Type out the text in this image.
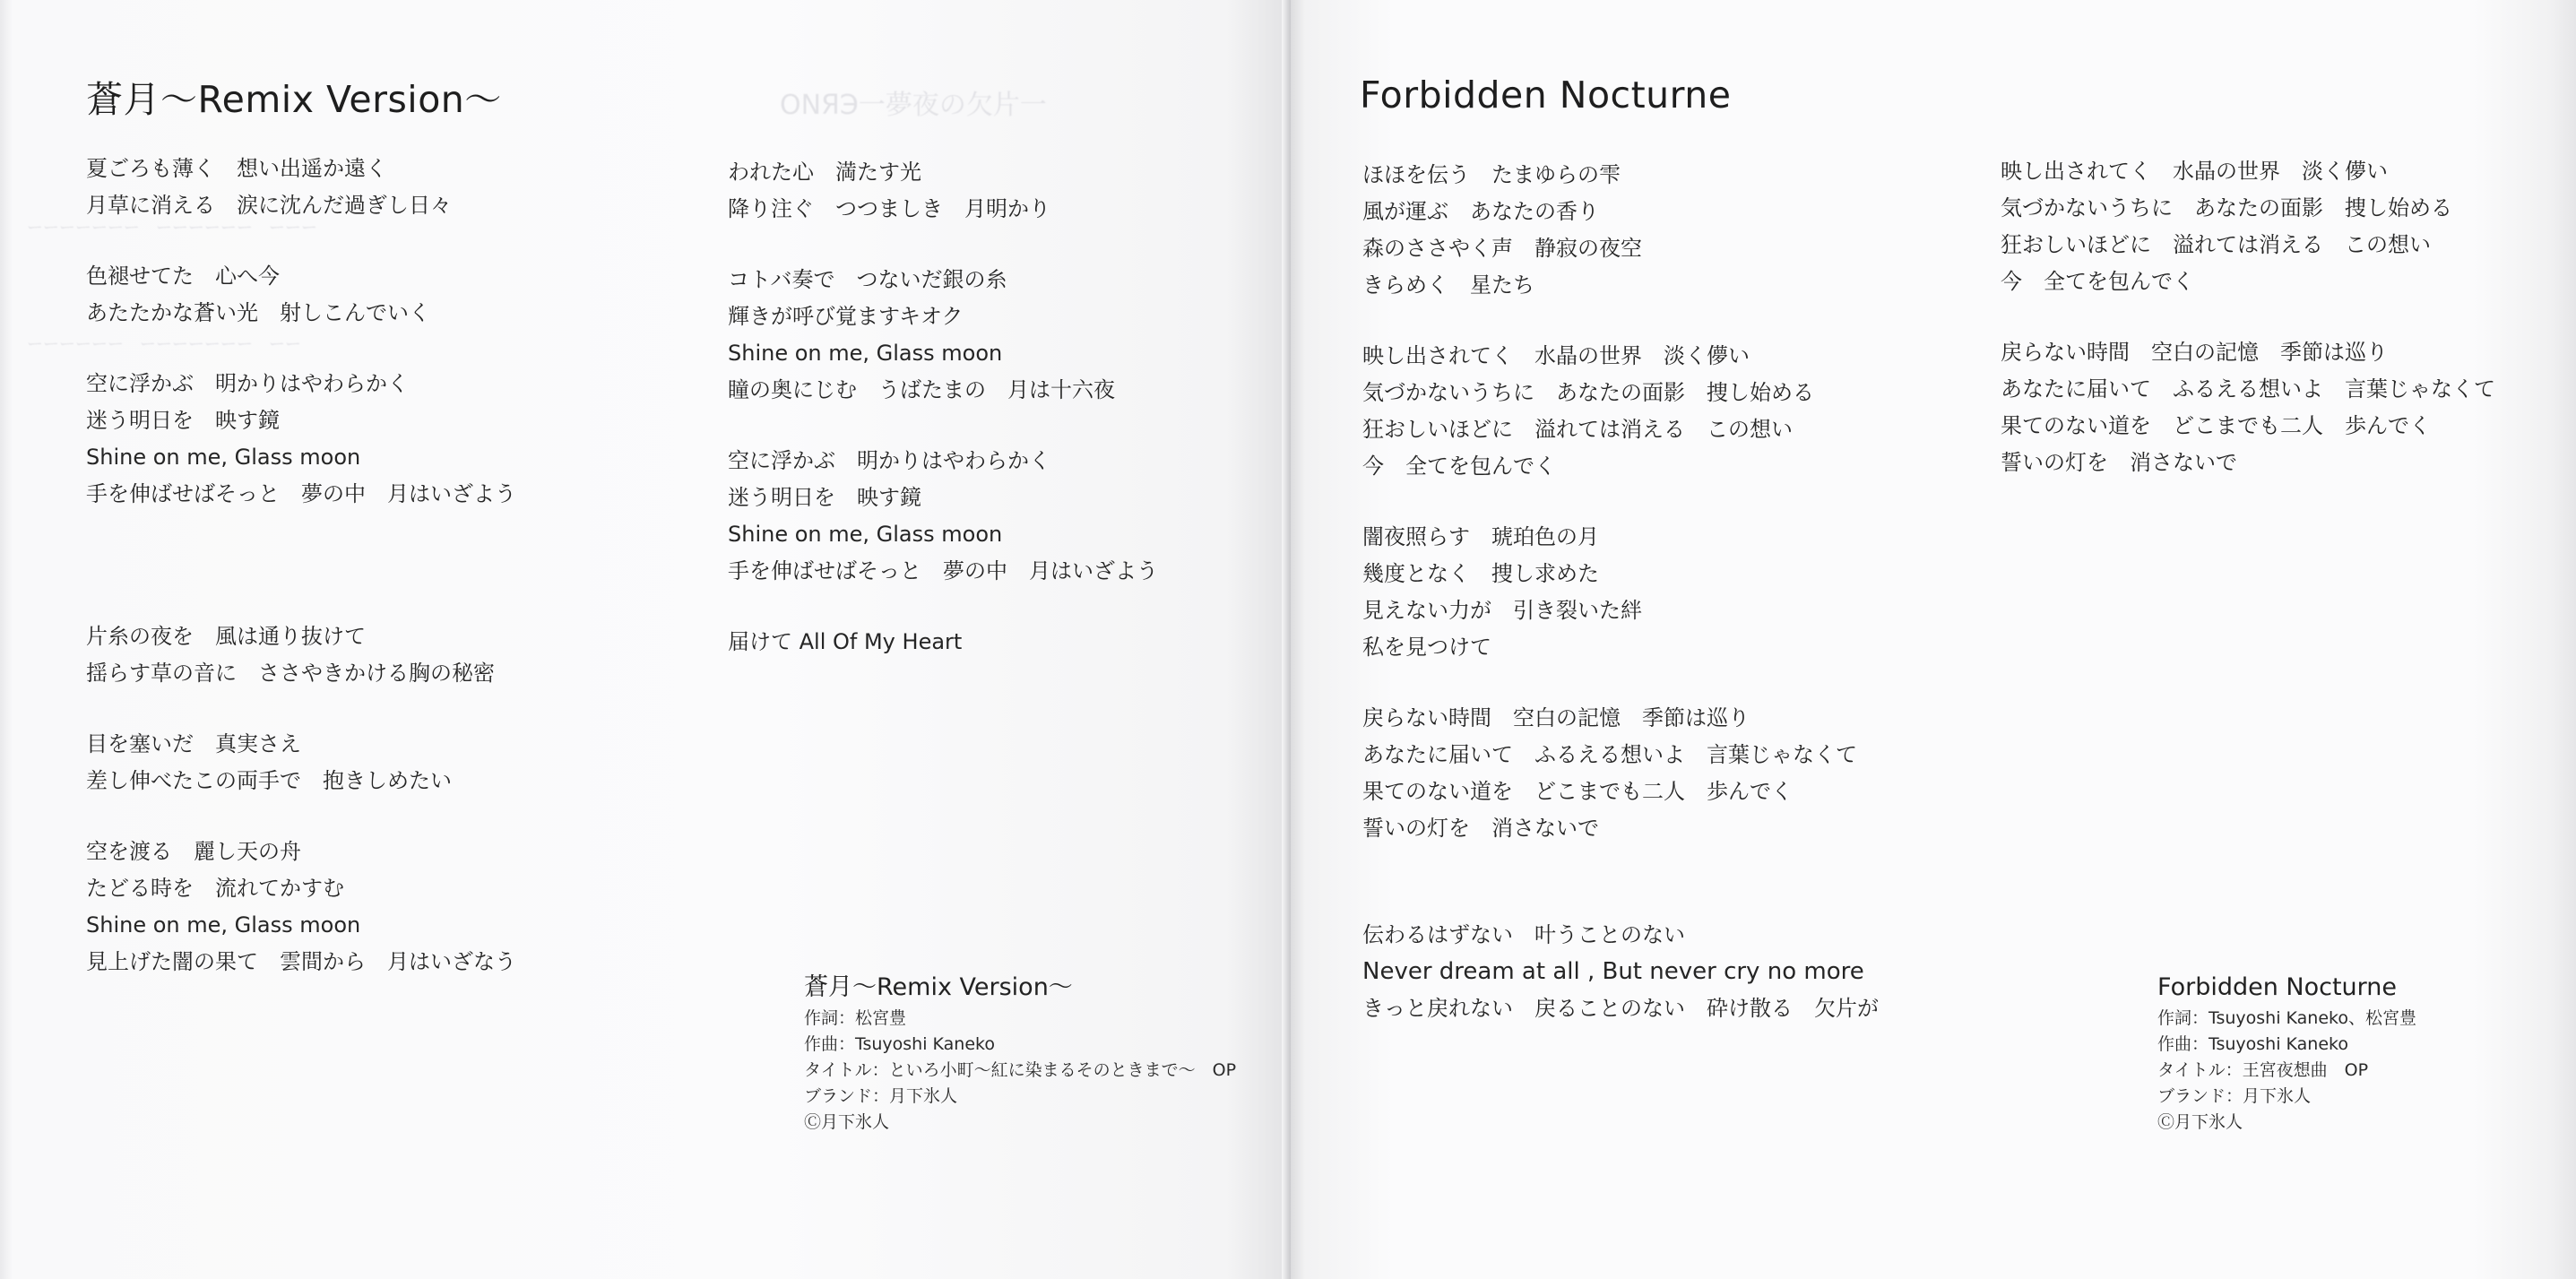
ОNЯЭ一夢夜の欠片一
ーーーーーーー　ーーーーーー　ーーー
ーーーーーー　ーーーーーーー　ーー
蒼月〜Remix Version〜
夏ごろも薄く　想い出遥か遠く
月草に消える　涙に沈んだ過ぎし日々
色褪せてた　心へ今
あたたかな蒼い光　射しこんでいく
空に浮かぶ　明かりはやわらかく
迷う明日を　映す鏡
Shine on me, Glass moon
手を伸ばせばそっと　夢の中　月はいざよう
片糸の夜を　風は通り抜けて
揺らす草の音に　ささやきかける胸の秘密
目を塞いだ　真実さえ
差し伸べたこの両手で　抱きしめたい
空を渡る　麗し天の舟
たどる時を　流れてかすむ
Shine on me, Glass moon
見上げた闇の果て　雲間から　月はいざなう
われた心　満たす光
降り注ぐ　つつましき　月明かり
コトバ奏で　つないだ銀の糸
輝きが呼び覚ますキオク
Shine on me, Glass moon
瞳の奥にじむ　うばたまの　月は十六夜
空に浮かぶ　明かりはやわらかく
迷う明日を　映す鏡
Shine on me, Glass moon
手を伸ばせばそっと　夢の中　月はいざよう
届けて All Of My Heart
蒼月〜Remix Version〜
作詞：松宮豊
作曲：Tsuyoshi Kaneko
タイトル：といろ小町〜紅に染まるそのときまで〜　OP
ブランド：月下氷人
Ⓒ月下氷人
Forbidden Nocturne
ほほを伝う　たまゆらの雫
風が運ぶ　あなたの香り
森のささやく声　静寂の夜空
きらめく　星たち
映し出されてく　水晶の世界　淡く儚い
気づかないうちに　あなたの面影　捜し始める
狂おしいほどに　溢れては消える　この想い
今　全てを包んでく
闇夜照らす　琥珀色の月
幾度となく　捜し求めた
見えない力が　引き裂いた絆
私を見つけて
戻らない時間　空白の記憶　季節は巡り
あなたに届いて　ふるえる想いよ　言葉じゃなくて
果てのない道を　どこまでも二人　歩んでく
誓いの灯を　消さないで
伝わるはずない　叶うことのない
Never dream at all , But never cry no more
きっと戻れない　戻ることのない　砕け散る　欠片が
映し出されてく　水晶の世界　淡く儚い
気づかないうちに　あなたの面影　捜し始める
狂おしいほどに　溢れては消える　この想い
今　全てを包んでく
戻らない時間　空白の記憶　季節は巡り
あなたに届いて　ふるえる想いよ　言葉じゃなくて
果てのない道を　どこまでも二人　歩んでく
誓いの灯を　消さないで
Forbidden Nocturne
作詞：Tsuyoshi Kaneko、松宮豊
作曲：Tsuyoshi Kaneko
タイトル：王宮夜想曲　OP
ブランド：月下氷人
Ⓒ月下氷人
